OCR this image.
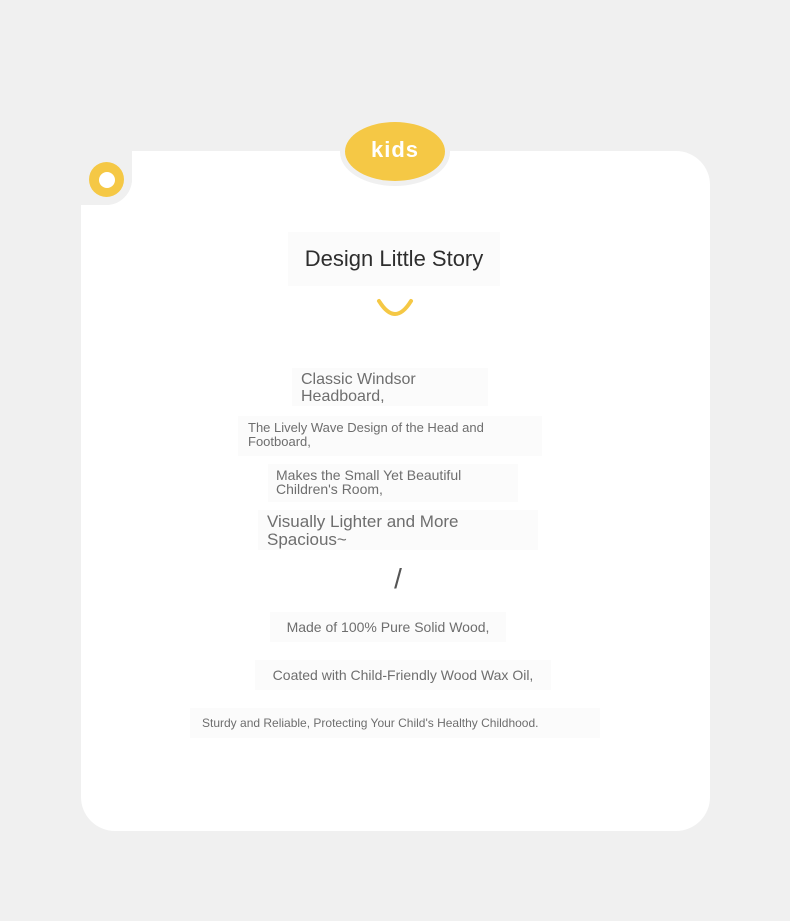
kids
Design Little Story
Classic Windsor Headboard,
The Lively Wave Design of the Head and Footboard,
Makes the Small Yet Beautiful Children's Room,
Visually Lighter and More Spacious~
/
Made of 100% Pure Solid Wood,
Coated with Child-Friendly Wood Wax Oil,
Sturdy and Reliable, Protecting Your Child's Healthy Childhood.
